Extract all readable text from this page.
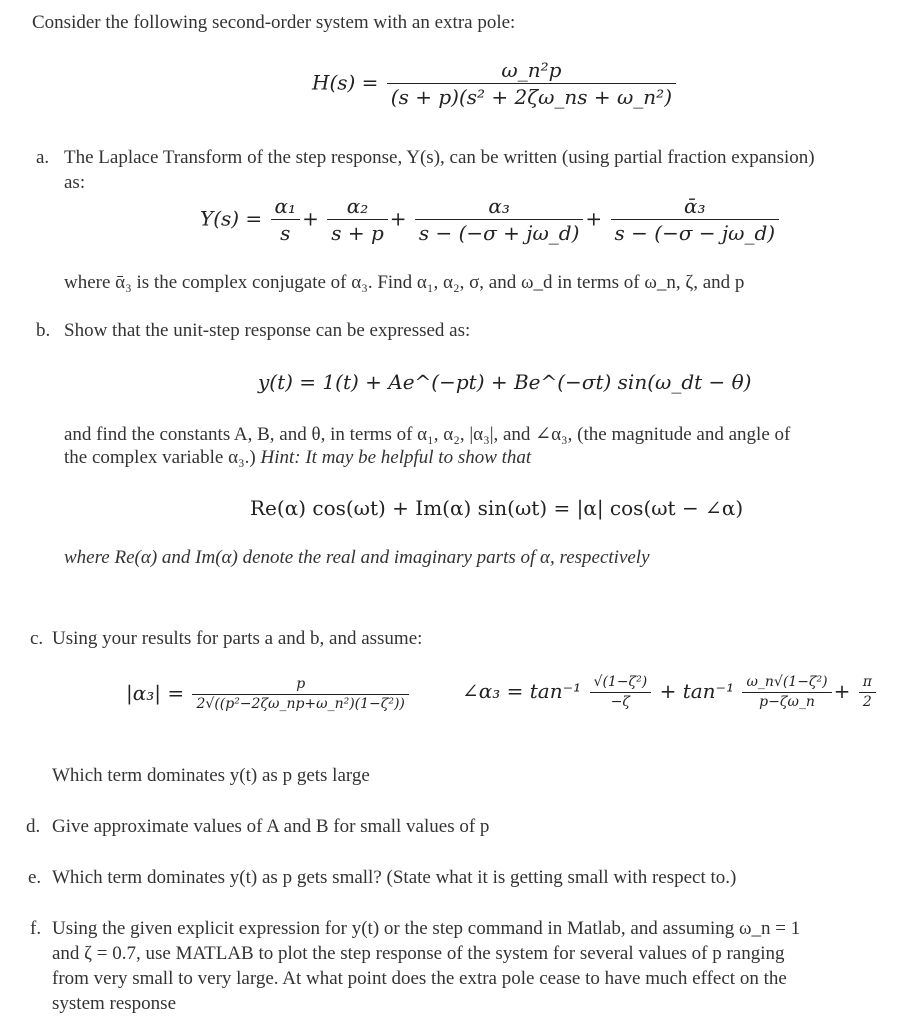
Consider the following second-order system with an extra pole:
$H(s) = \frac{\text{ω\_n²p}}{\text{(s + p)(s² + 2ζω\_ns + ω\_n²)}}$
a. The Laplace Transform of the step response, Y(s), can be written (using partial fraction expansion)
as:
$Y(s) = \frac{\text{α₁}}{s} + \frac{\text{α₂}}{s + p} + \frac{\text{α₃}}{s - (-\sigma + j\omega\_d)} + \frac{\text{ᾱ₃}}{s - (-\sigma - j\omega\_d)}$
where ᾱ₃ is the complex conjugate of α₃. Find α₁, α₂, σ, and ω_d in terms of ω_n, ζ, and p
b. Show that the unit-step response can be expressed as:
y(t) = 1(t) + Ae^(−pt) + Be^(−σt) sin(ω_dt − θ)
and find the constants A, B, and θ, in terms of α₁, α₂, |α₃|, and ∠α₃, (the magnitude and angle of
the complex variable α₃.) Hint: It may be helpful to show that
Re(α) cos(ωt) + Im(α) sin(ωt) = |α| cos(ωt − ∠α)
where Re(α) and Im(α) denote the real and imaginary parts of α, respectively
c. Using your results for parts a and b, and assume:
$|\alpha_3| = \frac{p}{\text{2√((p²−2ζω\_np+ω\_n²)(1−ζ²))}}$	∠α₃ = $\tan^{-1} \frac{\text{√(1−ζ²)}}{-\zeta} + \tan^{-1} \frac{\text{ω\_n√(1−ζ²)}}{p-\zeta\omega\_n} + \frac{\pi}{2}$
Which term dominates y(t) as p gets large
d. Give approximate values of A and B for small values of p
e. Which term dominates y(t) as p gets small? (State what it is getting small with respect to.)
f. Using the given explicit expression for y(t) or the step command in Matlab, and assuming ω_n = 1
and ζ = 0.7, use MATLAB to plot the step response of the system for several values of p ranging
from very small to very large. At what point does the extra pole cease to have much effect on the
system response
